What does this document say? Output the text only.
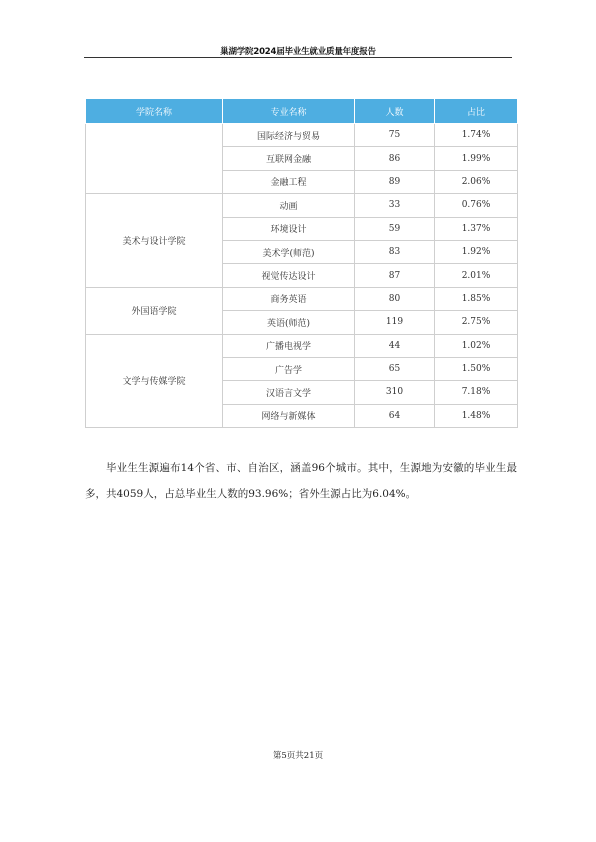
巢湖学院2024届毕业生就业质量年度报告
学院名称	专业名称	人数	占比
	国际经济与贸易	75	1.74%
	互联网金融	86	1.99%
	金融工程	89	2.06%
美术与设计学院	动画	33	0.76%
	环境设计	59	1.37%
	美术学(师范)	83	1.92%
	视觉传达设计	87	2.01%
外国语学院	商务英语	80	1.85%
	英语(师范)	119	2.75%
文学与传媒学院	广播电视学	44	1.02%
	广告学	65	1.50%
	汉语言文学	310	7.18%
	网络与新媒体	64	1.48%

毕业生生源遍布14个省、市、自治区，涵盖96个城市。其中，生源地为安徽的毕业生最多，共4059人，占总毕业生人数的93.96%；省外生源占比为6.04%。

第5页共21页
